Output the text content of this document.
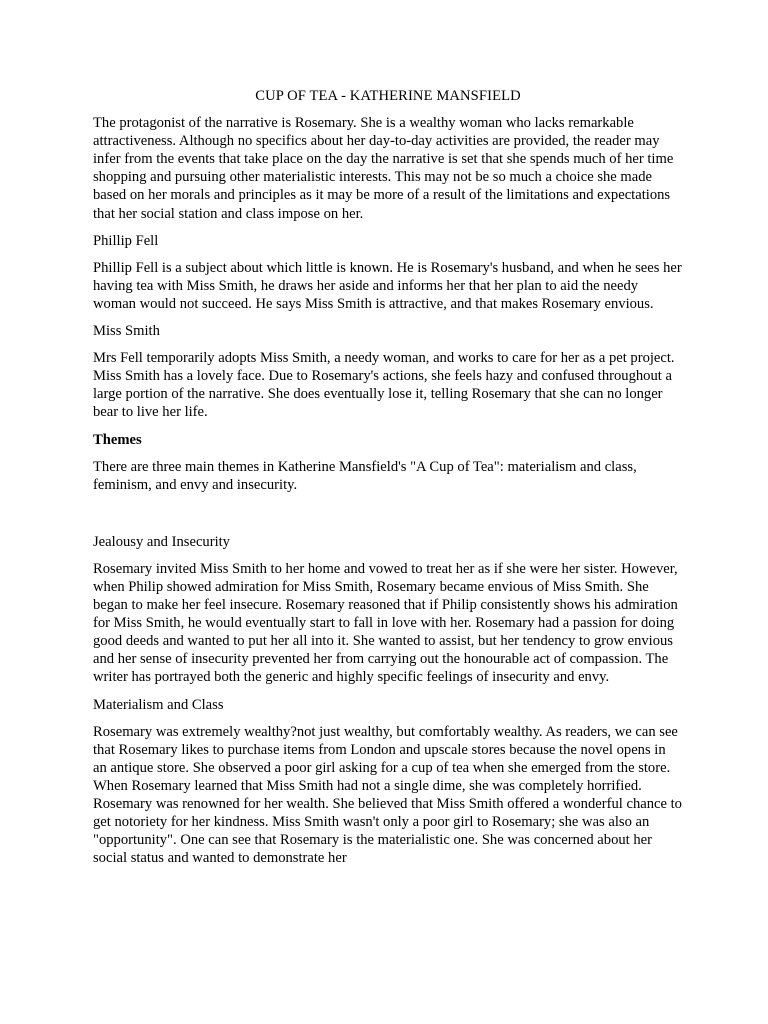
CUP OF TEA - KATHERINE MANSFIELD

The protagonist of the narrative is Rosemary. She is a wealthy woman who lacks remarkable attractiveness. Although no specifics about her day-to-day activities are provided, the reader may infer from the events that take place on the day the narrative is set that she spends much of her time shopping and pursuing other materialistic interests. This may not be so much a choice she made based on her morals and principles as it may be more of a result of the limitations and expectations that her social station and class impose on her.

Phillip Fell

Phillip Fell is a subject about which little is known. He is Rosemary's husband, and when he sees her having tea with Miss Smith, he draws her aside and informs her that her plan to aid the needy woman would not succeed. He says Miss Smith is attractive, and that makes Rosemary envious.

Miss Smith

Mrs Fell temporarily adopts Miss Smith, a needy woman, and works to care for her as a pet project. Miss Smith has a lovely face. Due to Rosemary's actions, she feels hazy and confused throughout a large portion of the narrative. She does eventually lose it, telling Rosemary that she can no longer bear to live her life.

Themes

There are three main themes in Katherine Mansfield's "A Cup of Tea": materialism and class, feminism, and envy and insecurity.

Jealousy and Insecurity

Rosemary invited Miss Smith to her home and vowed to treat her as if she were her sister. However, when Philip showed admiration for Miss Smith, Rosemary became envious of Miss Smith. She began to make her feel insecure. Rosemary reasoned that if Philip consistently shows his admiration for Miss Smith, he would eventually start to fall in love with her. Rosemary had a passion for doing good deeds and wanted to put her all into it. She wanted to assist, but her tendency to grow envious and her sense of insecurity prevented her from carrying out the honourable act of compassion. The writer has portrayed both the generic and highly specific feelings of insecurity and envy.

Materialism and Class

Rosemary was extremely wealthy?not just wealthy, but comfortably wealthy. As readers, we can see that Rosemary likes to purchase items from London and upscale stores because the novel opens in an antique store. She observed a poor girl asking for a cup of tea when she emerged from the store. When Rosemary learned that Miss Smith had not a single dime, she was completely horrified. Rosemary was renowned for her wealth. She believed that Miss Smith offered a wonderful chance to get notoriety for her kindness. Miss Smith wasn't only a poor girl to Rosemary; she was also an "opportunity". One can see that Rosemary is the materialistic one. She was concerned about her social status and wanted to demonstrate her
